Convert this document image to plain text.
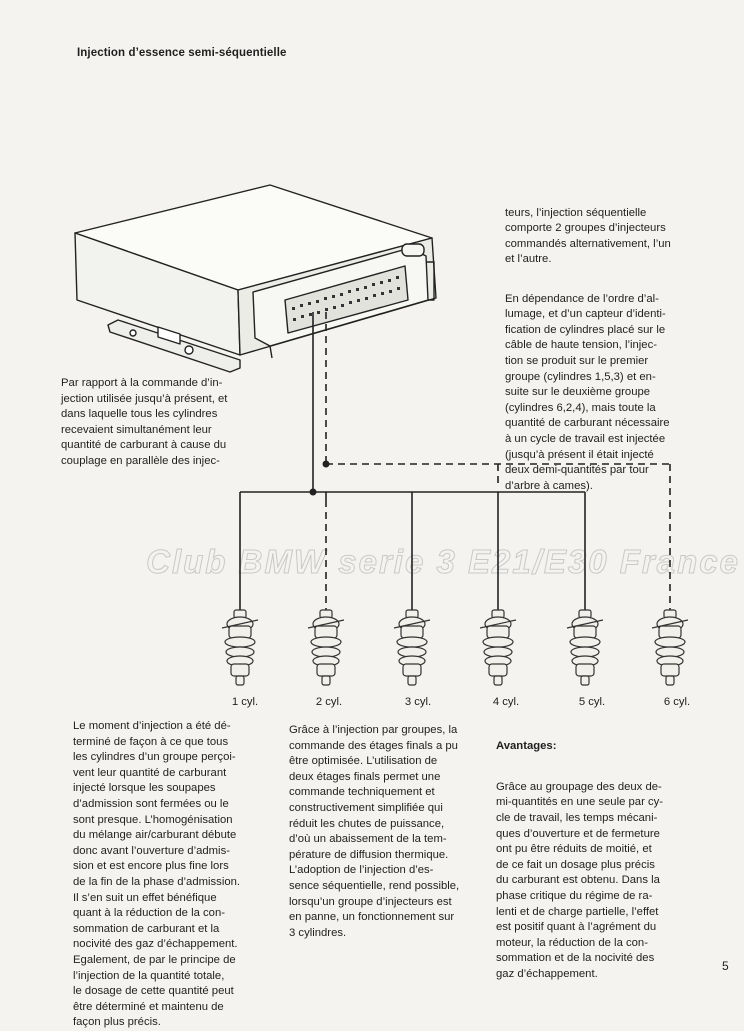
Injection d’essence semi-séquentielle
Club BMW serie 3 E21/E30 France

teurs, l’injection séquentielle
comporte 2 groupes d’injecteurs
commandés alternativement, l’un
et l’autre.

En dépendance de l’ordre d’al-
lumage, et d’un capteur d’identi-
fication de cylindres placé sur le
câble de haute tension, l’injec-
tion se produit sur le premier
groupe (cylindres 1,5,3) et en-
suite sur le deuxième groupe
(cylindres 6,2,4), mais toute la
quantité de carburant nécessaire
à un cycle de travail est injectée
(jusqu’à présent il était injecté
deux demi-quantités par tour
d’arbre à cames).

Par rapport à la commande d’in-
jection utilisée jusqu’à présent, et
dans laquelle tous les cylindres
recevaient simultanément leur
quantité de carburant à cause du
couplage en parallèle des injec-
1 cyl.	2 cyl.	3 cyl.	4 cyl.	5 cyl.	6 cyl.
Le moment d’injection a été dé-
terminé de façon à ce que tous
les cylindres d’un groupe perçoi-
vent leur quantité de carburant
injecté lorsque les soupapes
d’admission sont fermées ou le
sont presque. L’homogénisation
du mélange air/carburant débute
donc avant l’ouverture d’admis-
sion et est encore plus fine lors
de la fin de la phase d’admission.
Il s’en suit un effet bénéfique
quant à la réduction de la con-
sommation de carburant et la
nocivité des gaz d’échappement.
Egalement, de par le principe de
l’injection de la quantité totale,
le dosage de cette quantité peut
être déterminé et maintenu de
façon plus précis.
Grâce à l’injection par groupes, la
commande des étages finals a pu
être optimisée. L’utilisation de
deux étages finals permet une
commande techniquement et
constructivement simplifiée qui
réduit les chutes de puissance,
d’où un abaissement de la tem-
pérature de diffusion thermique.
L’adoption de l’injection d’es-
sence séquentielle, rend possible,
lorsqu’un groupe d’injecteurs est
en panne, un fonctionnement sur
3 cylindres.

Avantages:

Grâce au groupage des deux de-
mi-quantités en une seule par cy-
cle de travail, les temps mécani-
ques d’ouverture et de fermeture
ont pu être réduits de moitié, et
de ce fait un dosage plus précis
du carburant est obtenu. Dans la
phase critique du régime de ra-
lenti et de charge partielle, l’effet
est positif quant à l’agrément du
moteur, la réduction de la con-
sommation et de la nocivité des
gaz d’échappement.

5
